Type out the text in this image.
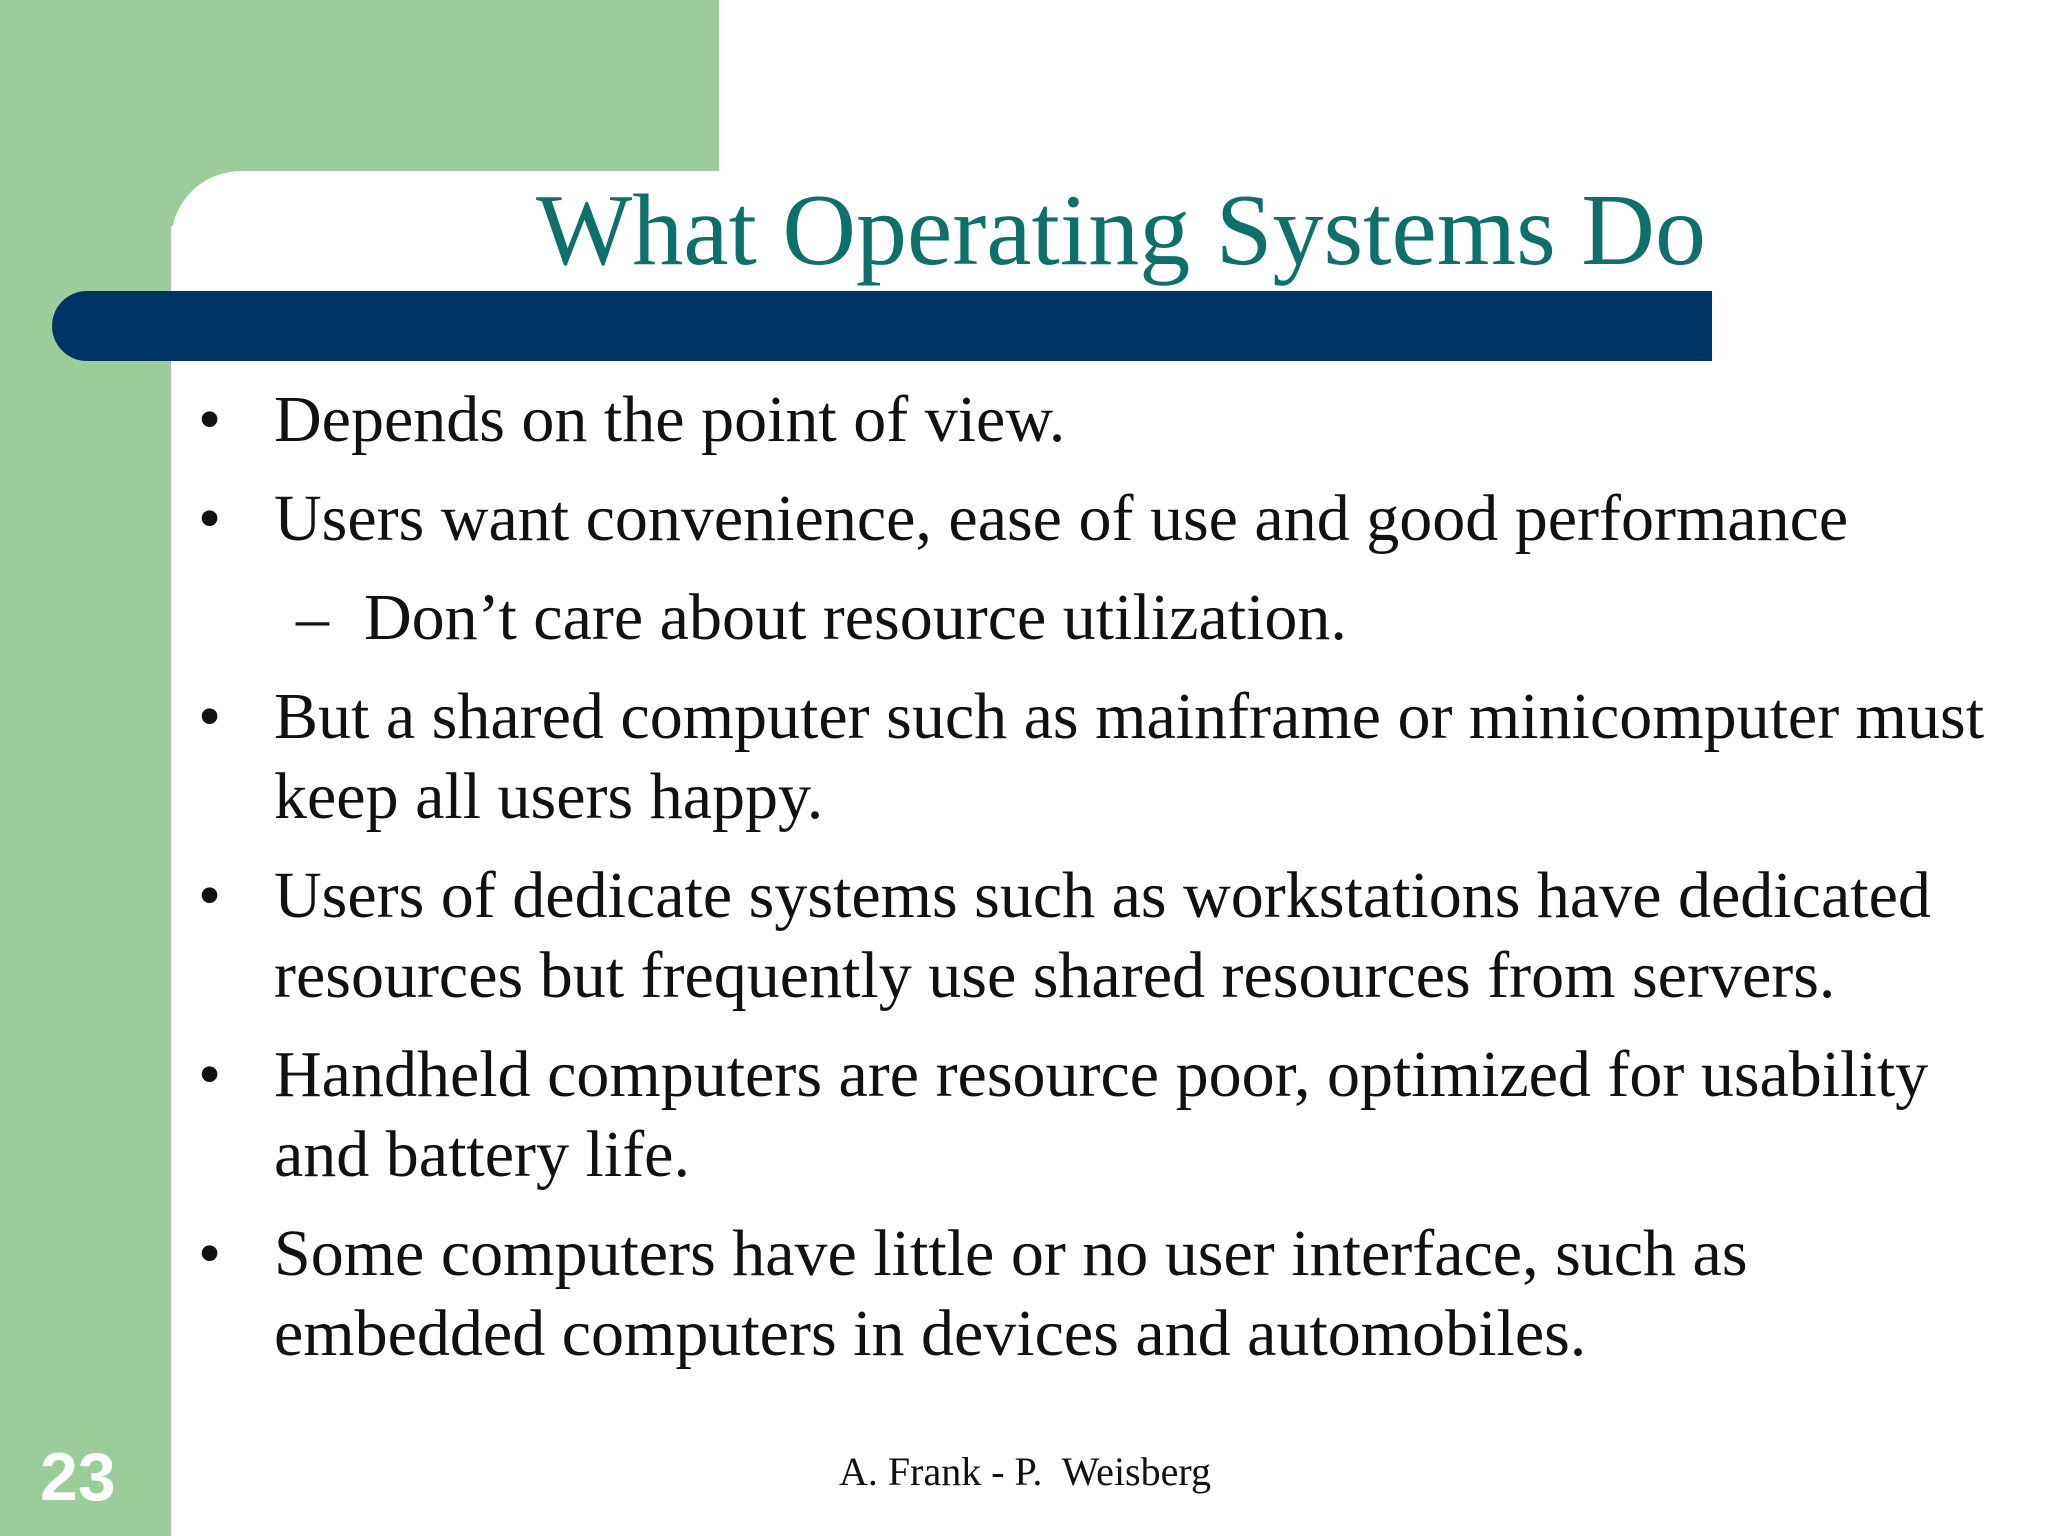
What Operating Systems Do
• Depends on the point of view.
• Users want convenience, ease of use and good performance
– Don’t care about resource utilization.
• But a shared computer such as mainframe or minicomputer must keep all users happy.
• Users of dedicate systems such as workstations have dedicated resources but frequently use shared resources from servers.
• Handheld computers are resource poor, optimized for usability and battery life.
• Some computers have little or no user interface, such as embedded computers in devices and automobiles.
23	A. Frank - P.  Weisberg
